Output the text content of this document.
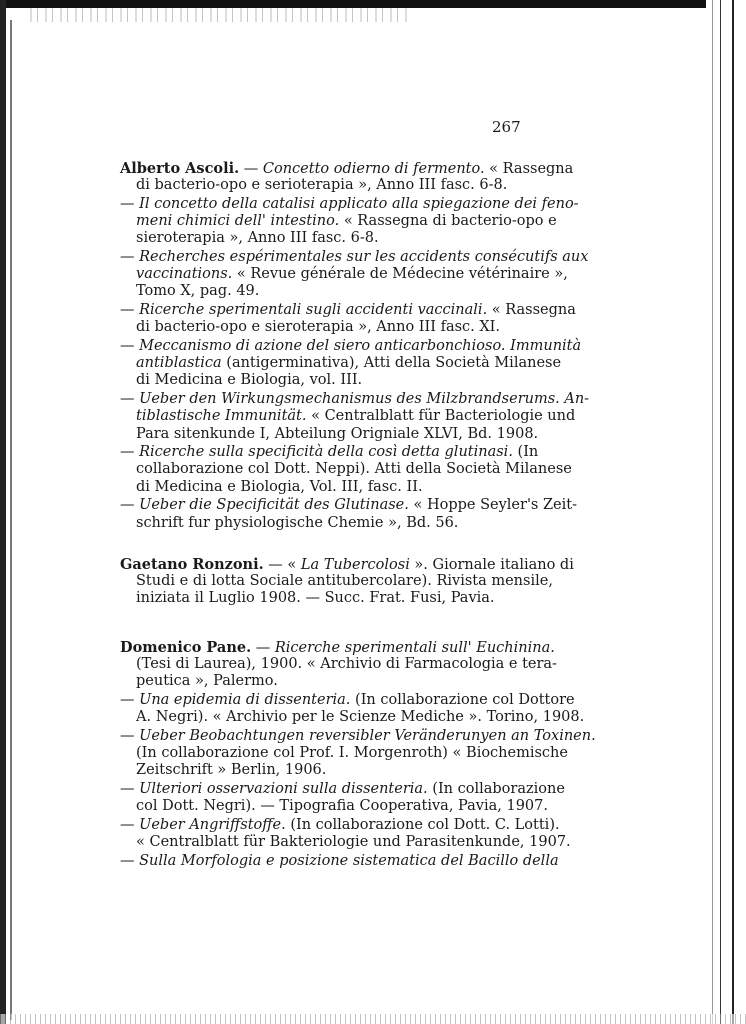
267
Alberto Ascoli. — Concetto odierno di fermento. « Rassegna
di bacterio-opo e serioterapia », Anno III fasc. 6-8.
— Il concetto della catalisi applicato alla spiegazione dei feno-
meni chimici dell' intestino. « Rassegna di bacterio-opo e
sieroterapia », Anno III fasc. 6-8.
— Recherches espérimentales sur les accidents consécutifs aux
vaccinations. « Revue générale de Médecine vétérinaire »,
Tomo X, pag. 49.
— Ricerche sperimentali sugli accidenti vaccinali. « Rassegna
di bacterio-opo e sieroterapia », Anno III fasc. XI.
— Meccanismo di azione del siero anticarbonchioso. Immunità
antiblastica (antigerminativa), Atti della Società Milanese
di Medicina e Biologia, vol. III.
— Ueber den Wirkungsmechanismus des Milzbrandserums. An-
tiblastische Immunität. « Centralblatt für Bacteriologie und
Para sitenkunde I, Abteilung Origniale XLVI, Bd. 1908.
— Ricerche sulla specificità della così detta glutinasi. (In
collaborazione col Dott. Neppi). Atti della Società Milanese
di Medicina e Biologia, Vol. III, fasc. II.
— Ueber die Specificität des Glutinase. « Hoppe Seyler's Zeit-
schrift fur physiologische Chemie », Bd. 56.
Gaetano Ronzoni. — « La Tubercolosi ». Giornale italiano di
Studi e di lotta Sociale antitubercolare). Rivista mensile,
iniziata il Luglio 1908. — Succ. Frat. Fusi, Pavia.
Domenico Pane. — Ricerche sperimentali sull' Euchinina.
(Tesi di Laurea), 1900. « Archivio di Farmacologia e tera-
peutica », Palermo.
— Una epidemia di dissenteria. (In collaborazione col Dottore
A. Negri). « Archivio per le Scienze Mediche ». Torino, 1908.
— Ueber Beobachtungen reversibler Veränderunyen an Toxinen.
(In collaborazione col Prof. I. Morgenroth) « Biochemische
Zeitschrift » Berlin, 1906.
— Ulteriori osservazioni sulla dissenteria. (In collaborazione
col Dott. Negri). — Tipografia Cooperativa, Pavia, 1907.
— Ueber Angriffstoffe. (In collaborazione col Dott. C. Lotti).
« Centralblatt für Bakteriologie und Parasitenkunde, 1907.
— Sulla Morfologia e posizione sistematica del Bacillo della
